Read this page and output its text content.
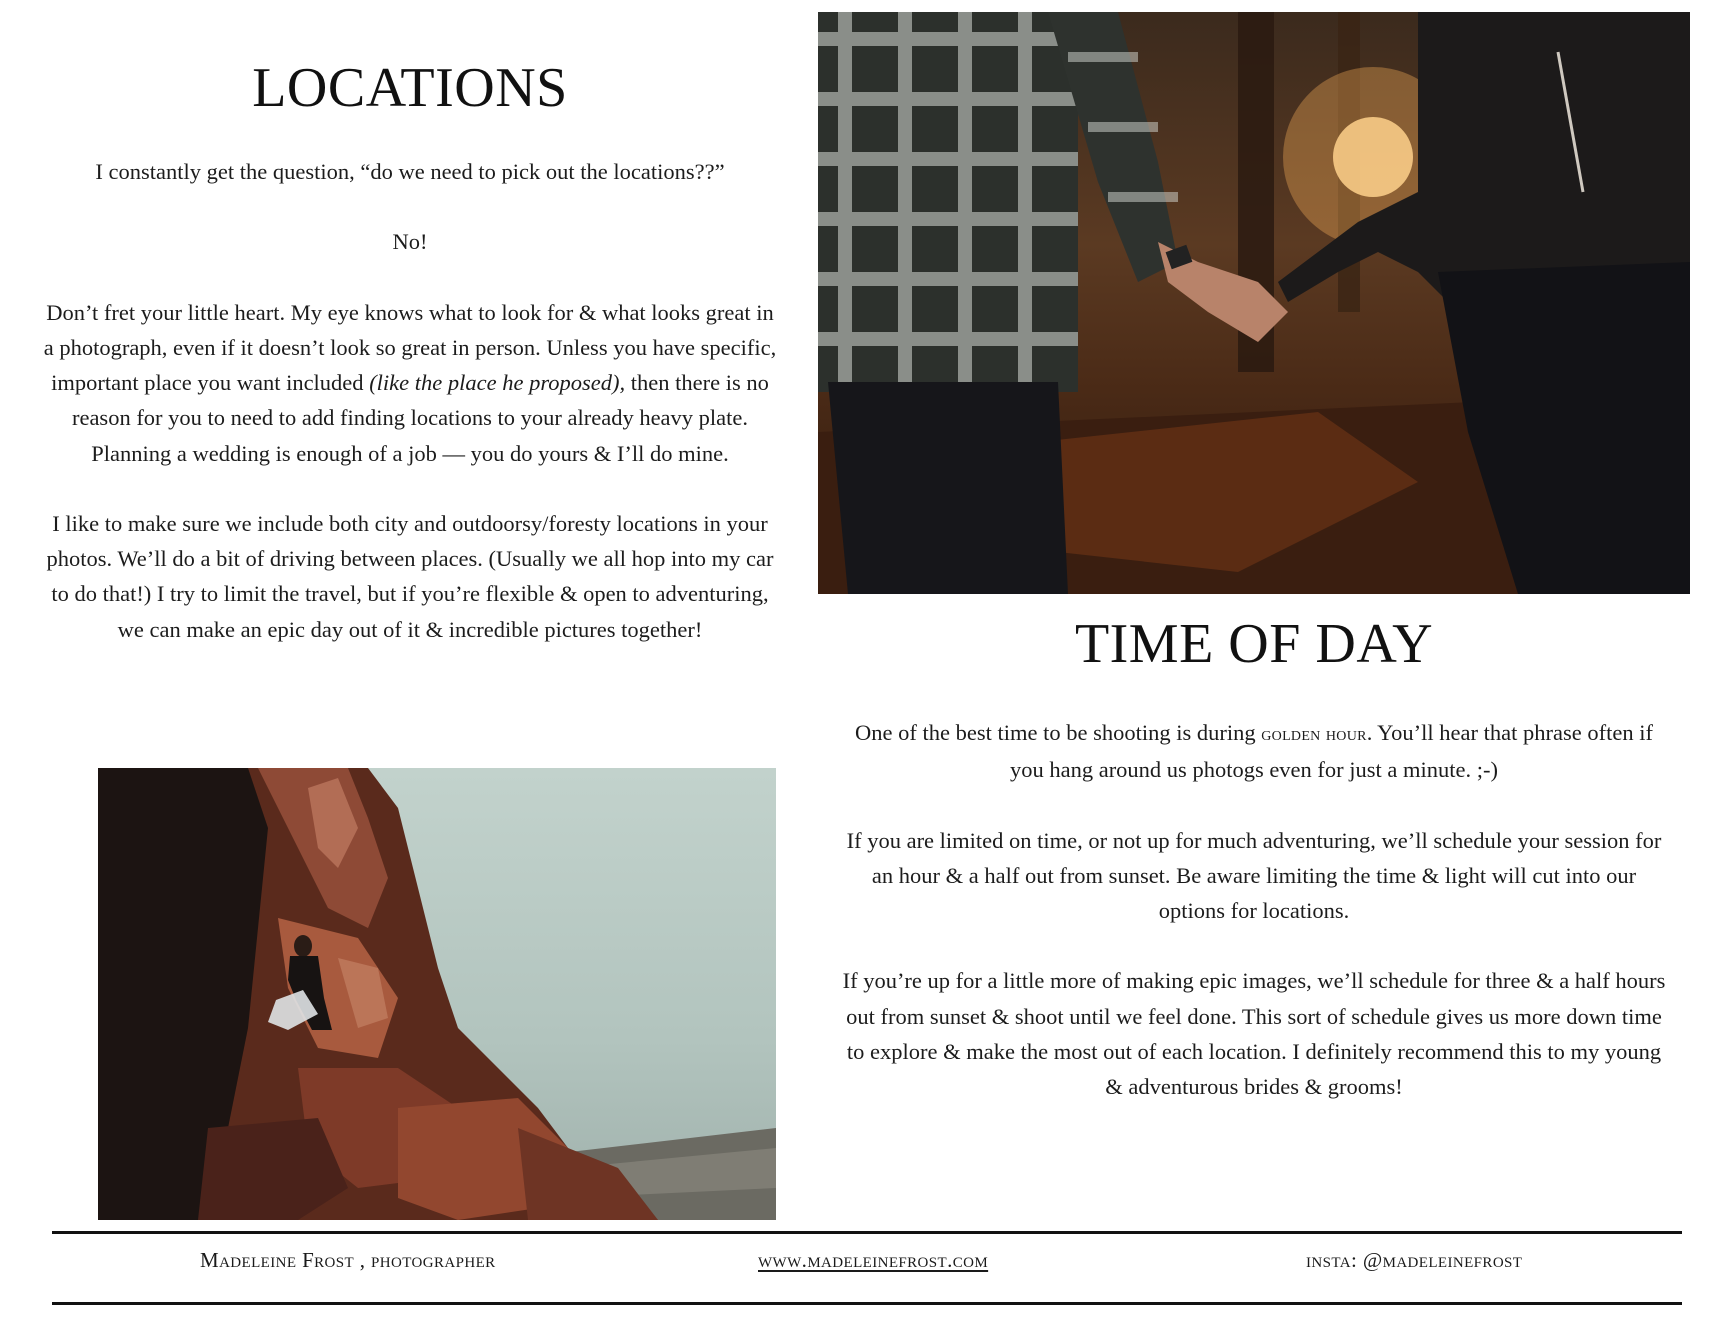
LOCATIONS

I constantly get the question, “do we need to pick out the locations??”

No!

Don’t fret your little heart. My eye knows what to look for & what looks great in a photograph, even if it doesn’t look so great in person. Unless you have specific, important place you want included (like the place he proposed), then there is no reason for you to need to add finding locations to your already heavy plate. Planning a wedding is enough of a job — you do yours & I’ll do mine.

I like to make sure we include both city and outdoorsy/foresty locations in your photos. We’ll do a bit of driving between places. (Usually we all hop into my car to do that!) I try to limit the travel, but if you’re flexible & open to adventuring, we can make an epic day out of it & incredible pictures together!	TIME OF DAY

One of the best time to be shooting is during golden hour. You’ll hear that phrase often if you hang around us photogs even for just a minute. ;-)

If you are limited on time, or not up for much adventuring, we’ll schedule your session for an hour & a half out from sunset. Be aware limiting the time & light will cut into our options for locations.

If you’re up for a little more of making epic images, we’ll schedule for three & a half hours out from sunset & shoot until we feel done. This sort of schedule gives us more down time to explore & make the most out of each location. I definitely recommend this to my young & adventurous brides & grooms!

Madeleine Frost , photographer	www.madeleinefrost.com	insta: @madeleinefrost
